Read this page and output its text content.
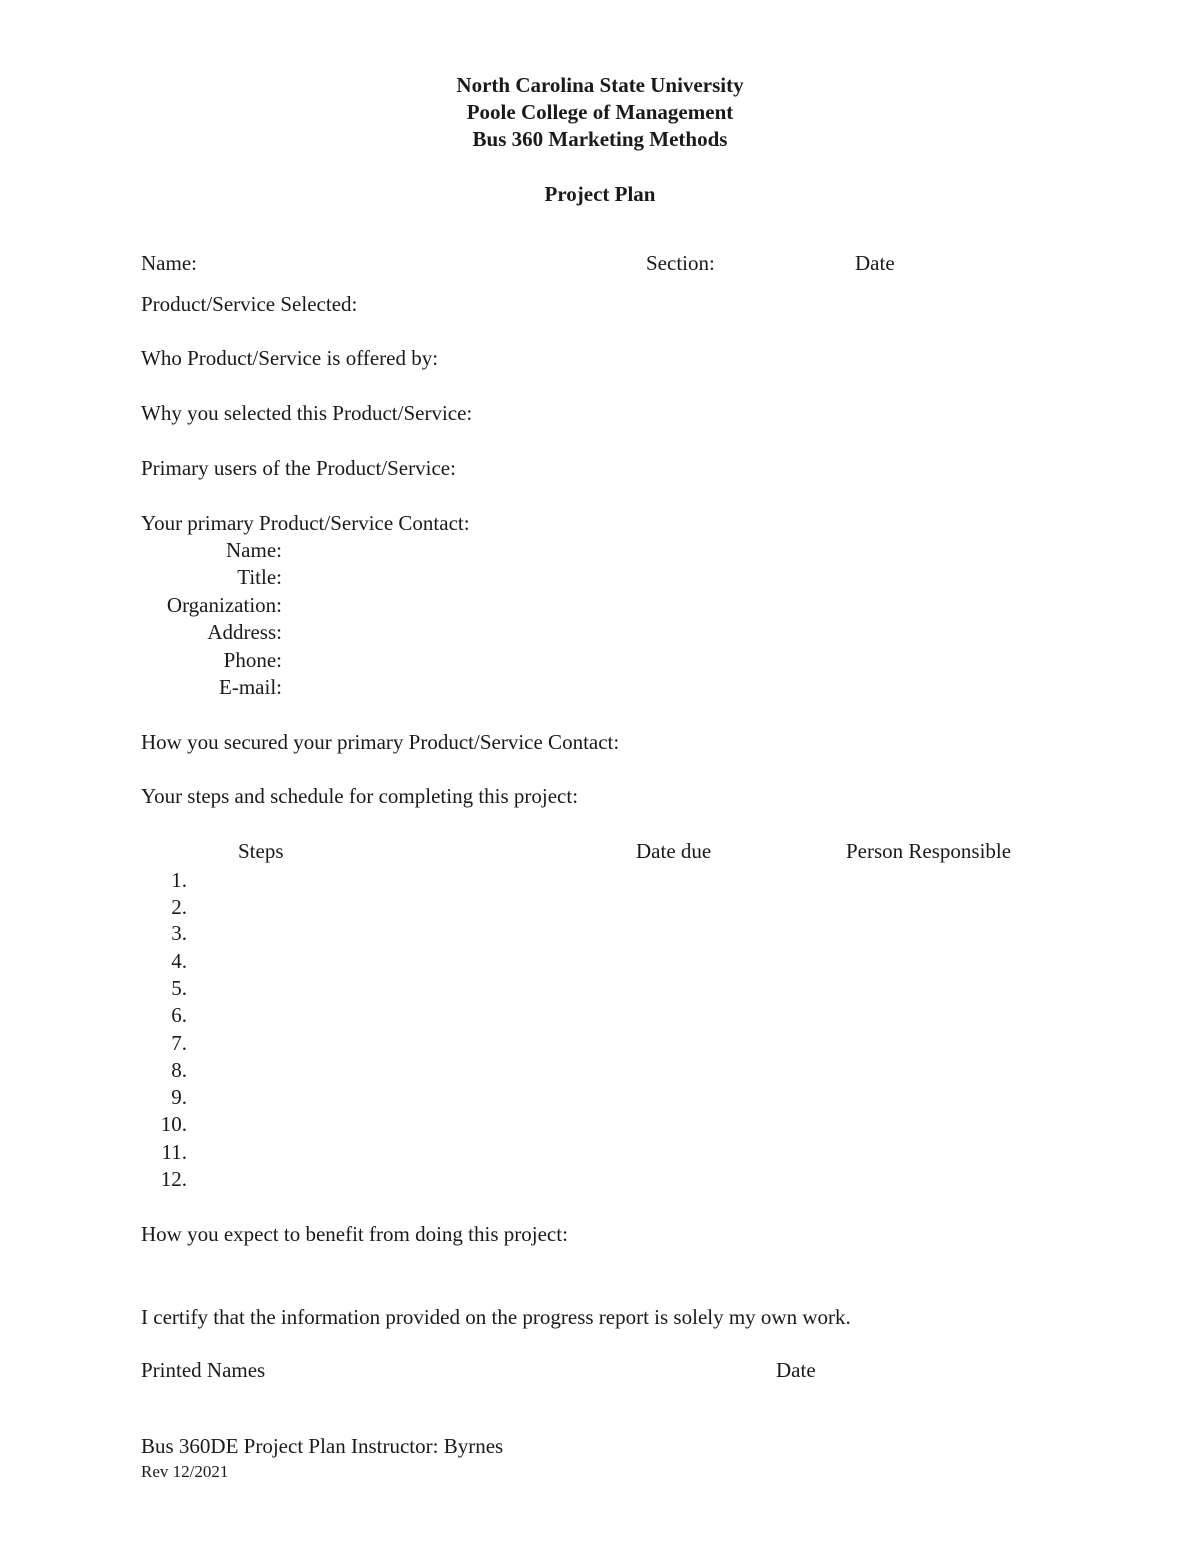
North Carolina State University
Poole College of Management
Bus 360 Marketing Methods
Project Plan
Name:	Section:	Date
Product/Service Selected:
Who Product/Service is offered by:
Why you selected this Product/Service:
Primary users of the Product/Service:
Your primary Product/Service Contact:
Name:
Title:
Organization:
Address:
Phone:
E-mail:
How you secured your primary Product/Service Contact:
Your steps and schedule for completing this project:
Steps	Date due	Person Responsible
1.
2.
3.
4.
5.
6.
7.
8.
9.
10.
11.
12.
How you expect to benefit from doing this project:
I certify that the information provided on the progress report is solely my own work.
Printed Names	Date
Bus 360DE Project Plan Instructor: Byrnes
Rev 12/2021
